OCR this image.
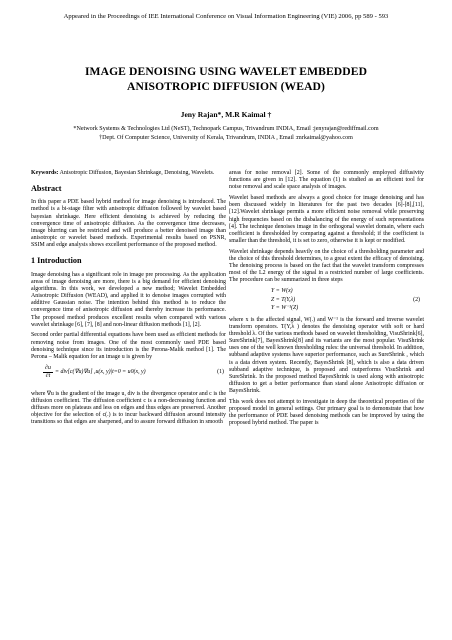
Appeared in the Proceedings of IEE International Conference on Visual Information Engineering (VIE) 2006, pp 589 - 593
IMAGE DENOISING USING WAVELET EMBEDDED
ANISOTROPIC DIFFUSION (WEAD)
Jeny Rajan*, M.R Kaimal †
*Network Systems & Technologies Ltd (NeST), Technopark Campus, Trivandrum INDIA, Email :jenyrajan@rediffmail.com
†Dept. Of Computer Science, University of Kerala, Trivandrum, INDIA , Email :mrkaimal@yahoo.com

Keywords: Anisotropic Diffusion, Bayesian Shrinkage, Denoising, Wavelets.

Abstract

In this paper a PDE based hybrid method for image denoising is introduced. The method is a bi-stage filter with anisotropic diffusion followed by wavelet based bayesian shrinkage. Here efficient denoising is achieved by reducing the convergence time of anisotropic diffusion. As the convergence time decreases, image blurring can be restricted and will produce a better denoised image than anisotropic or wavelet based methods. Experimental results based on PSNR, SSIM and edge analysis shows excellent performance of the proposed method.

1 Introduction

Image denoising has a significant role in image pre processing. As the application areas of image denoising are more, there is a big demand for efficient denoising algorithms. In this work, we developed a new method; Wavelet Embedded Anisotropic Diffusion (WEAD), and applied it to denoise images corrupted with additive Gaussian noise. The intention behind this method is to reduce the convergence time of anisotropic diffusion and thereby increase its performance. The proposed method produces excellent results when compared with various wavelet shrinkage [6], [7], [8] and non-linear diffusion methods [1], [2].

Second order partial differential equations have been used as efficient methods for removing noise from images. One of the most commonly used PDE based denoising technique since its introduction is the Perona-Malik method [1]. The Perona – Malik equation for an image u is given by

$\frac{\partial u}{\partial t} = div[c(\nabla u)\nabla u]$ ,u(x, y)|t=0 = u0(x, y)	(1)

where ∇u is the gradient of the image u, div is the divergence operator and c is the diffusion coefficient. The diffusion coefficient c is a non-decreasing function and diffuses more on plateaus and less on edges and thus edges are preserved. Another objective for the selection of c(.) is to incur backward diffusion around intensity transitions so that edges are sharpened, and to assure forward diffusion in smooth

areas for noise removal [2]. Some of the commonly employed diffusivity functions are given in [12]. The equation (1) is studied as an efficient tool for noise removal and scale space analysis of images.

Wavelet based methods are always a good choice for image denoising and has been discussed widely in literatures for the past two decades [6]-[8],[11],[12].Wavelet shrinkage permits a more efficient noise removal while preserving high frequencies based on the disbalancing of the energy of such representations [4]. The technique denoises image in the orthogonal wavelet domain, where each coefficient is thresholded by comparing against a threshold; if the coefficient is smaller than the threshold, it is set to zero, otherwise it is kept or modified.

Wavelet shrinkage depends heavily on the choice of a thresholding parameter and the choice of this threshold determines, to a great extent the efficacy of denoising. The denoising process is based on the fact that the wavelet transform compresses most of the L2 energy of the signal in a restricted number of large coefficients. The procedure can be summarized in three steps

Y = W(x)
Z = T(Y,λ)	(2)
Y = W⁻¹(Z)

where x is the affected signal, W(.) and W⁻¹ is the forward and inverse wavelet transform operators. T(Y,λ ) denotes the denoising operator with soft or hard threshold λ. Of the various methods based on wavelet thresholding, VisuShrink[6], SureShrink[7], BayesShrink[8] and its variants are the most popular. VisuShrink uses one of the well known thresholding rules: the universal threshold. In addition, subband adaptive systems have superior performance, such as SureShrink , which is a data driven system. Recently, BayesShrink [8], which is also a data driven subband adaptive technique, is proposed and outperforms VisuShrink and SureShrink. In the proposed method BayesShrink is used along with anisotropic diffusion to get a better performance than stand alone Anisotropic diffusion or BayesShrink.

This work does not attempt to investigate in deep the theoretical properties of the proposed model in general settings. Our primary goal is to demonstrate that how the performance of PDE based denoising methods can be improved by using the proposed hybrid method. The paper is
